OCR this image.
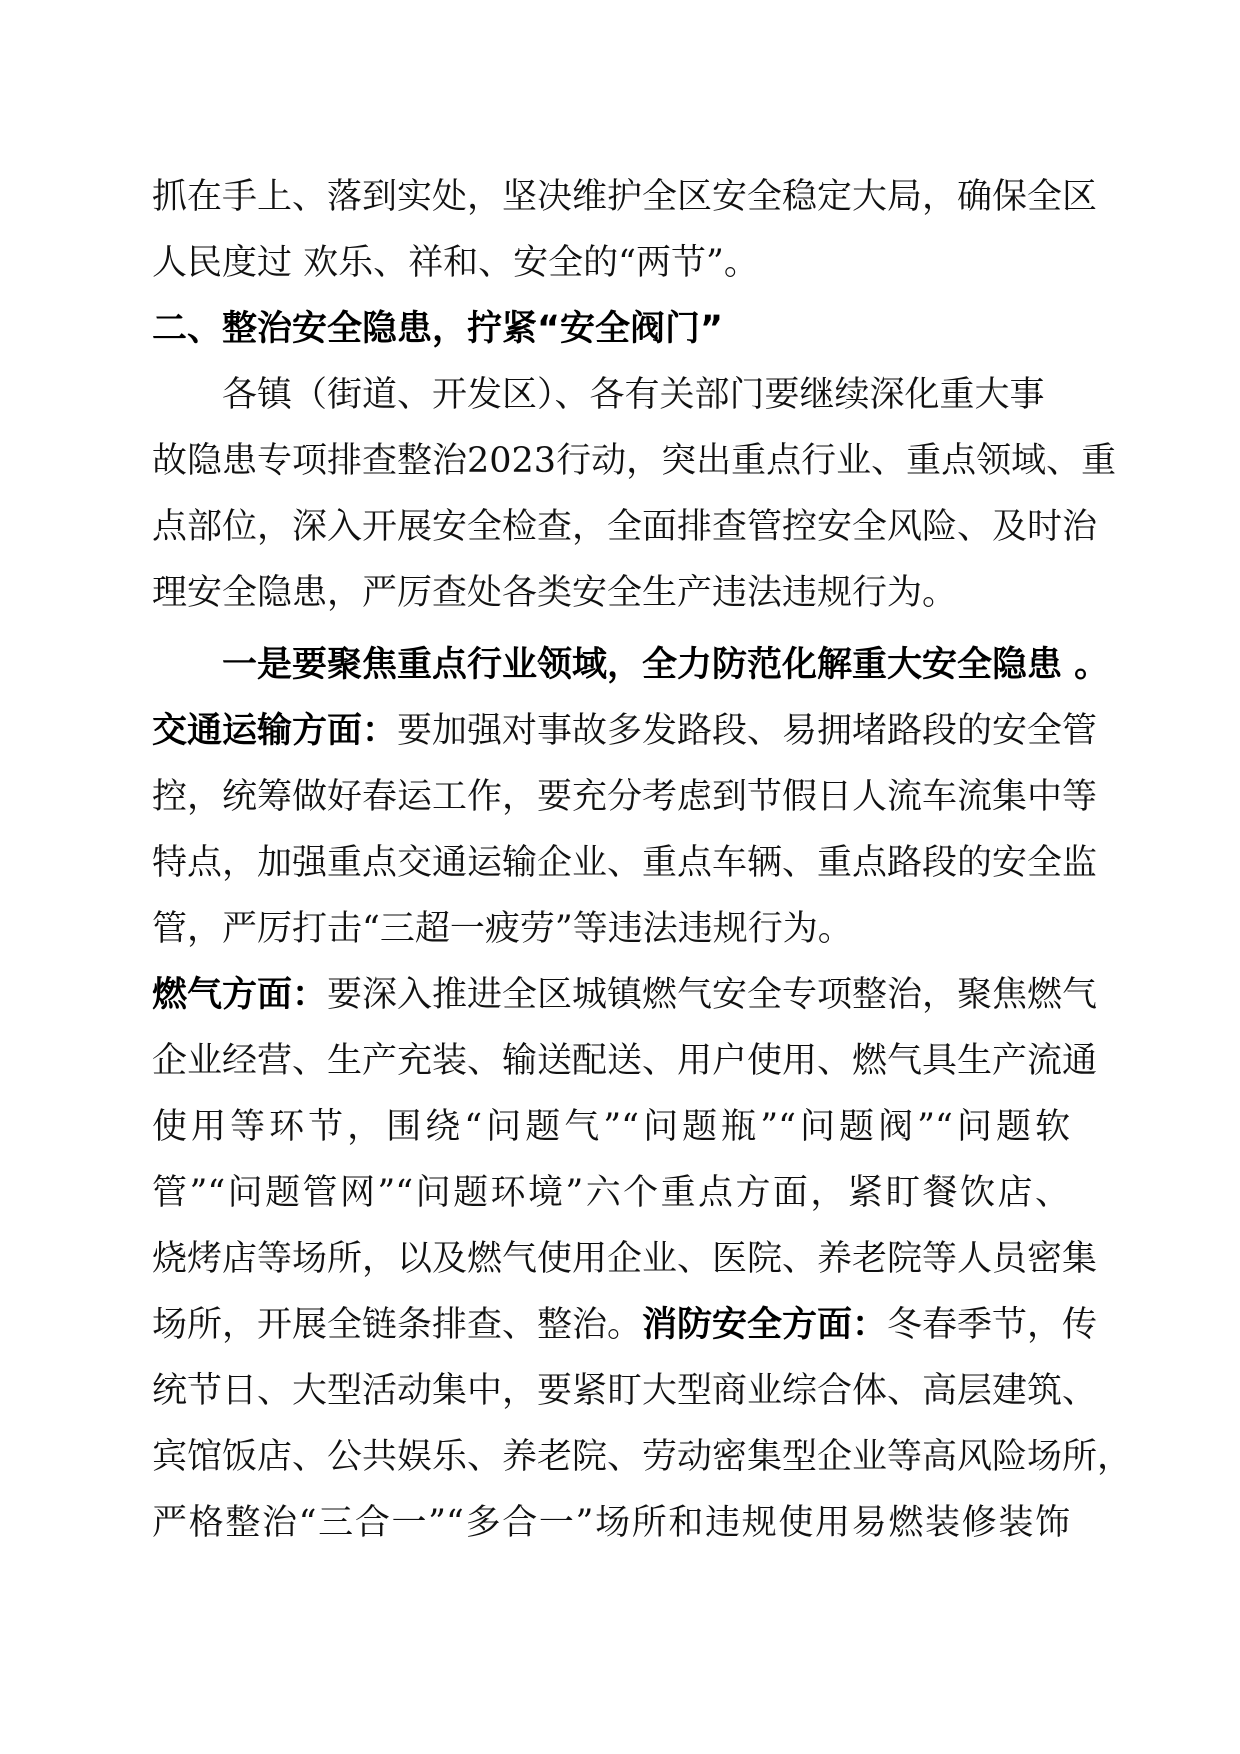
抓在手上、落到实处，坚决维护全区安全稳定大局，确保全区
人民度过 欢乐、祥和、安全的“两节”。
二、整治安全隐患，拧紧“安全阀门”
各镇（街道、开发区）、各有关部门要继续深化重大事
故隐患专项排查整治2023行动，突出重点行业、重点领域、重
点部位，深入开展安全检查，全面排查管控安全风险、及时治
理安全隐患，严厉查处各类安全生产违法违规行为。
一是要聚焦重点行业领域，全力防范化解重大安全隐患 。
交通运输方面：要加强对事故多发路段、易拥堵路段的安全管
控，统筹做好春运工作，要充分考虑到节假日人流车流集中等
特点，加强重点交通运输企业、重点车辆、重点路段的安全监
管，严厉打击“三超一疲劳”等违法违规行为。
燃气方面：要深入推进全区城镇燃气安全专项整治，聚焦燃气
企业经营、生产充装、输送配送、用户使用、燃气具生产流通
使用等环节，围绕“问题气”“问题瓶”“问题阀”“问题软
管”“问题管网”“问题环境”六个重点方面，紧盯餐饮店、
烧烤店等场所，以及燃气使用企业、医院、养老院等人员密集
场所，开展全链条排查、整治。消防安全方面：冬春季节，传
统节日、大型活动集中，要紧盯大型商业综合体、高层建筑、
宾馆饭店、公共娱乐、养老院、劳动密集型企业等高风险场所，
严格整治“三合一”“多合一”场所和违规使用易燃装修装饰
